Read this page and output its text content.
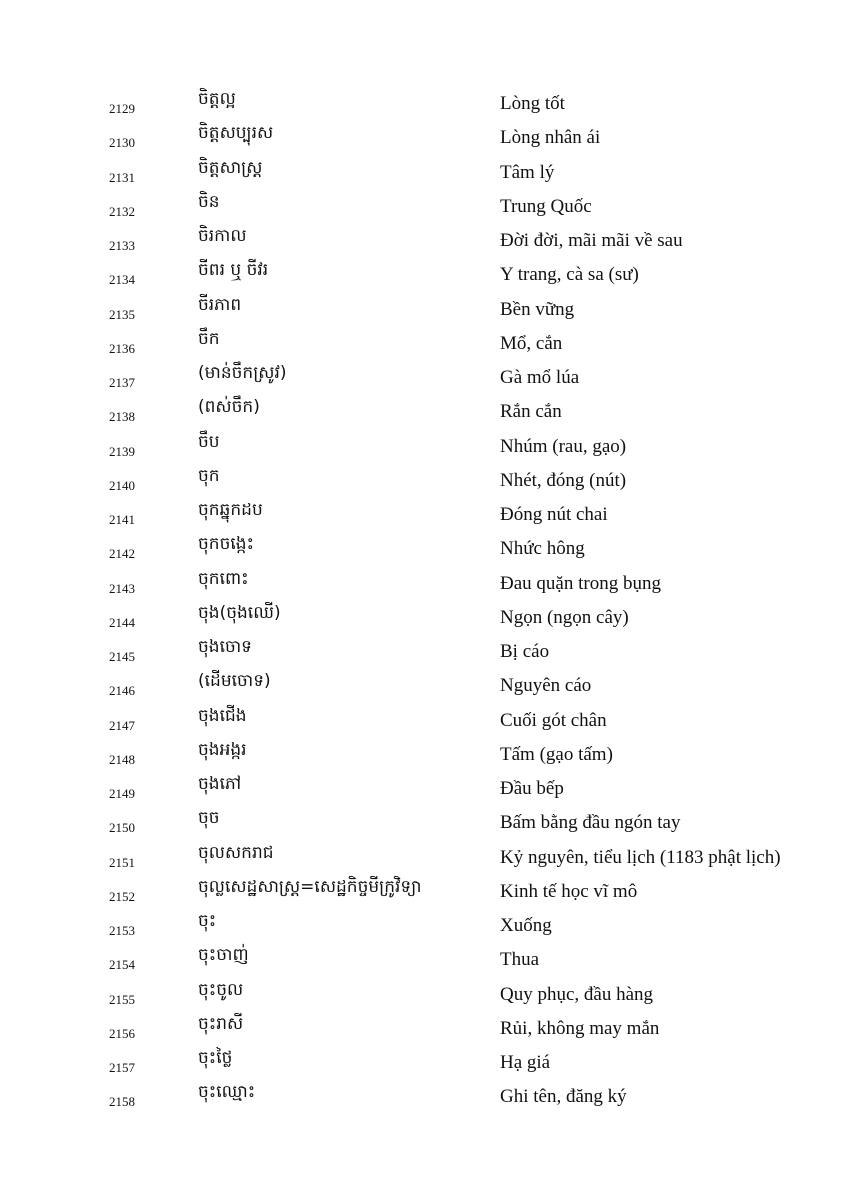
2129	ចិត្តល្អ	Lòng tốt
2130	ចិត្តសប្បុរស	Lòng nhân ái
2131	ចិត្តសាស្ត្រ	Tâm lý
2132	ចិន	Trung Quốc
2133	ចិរកាល	Đời đời, mãi mãi về sau
2134	ចីពរ ឬ ចីវរ	Y trang, cà sa (sư)
2135	ចីរភាព	Bền vững
2136	ចឹក	Mổ, cắn
2137	(មាន់ចឹកស្រូវ)	Gà mổ lúa
2138	(ពស់ចឹក)	Rắn cắn
2139	ចឹប	Nhúm (rau, gạo)
2140	ចុក	Nhét, đóng (nút)
2141	ចុកឆ្នុកដប	Đóng nút chai
2142	ចុកចង្កេះ	Nhức hông
2143	ចុកពោះ	Đau quặn trong bụng
2144	ចុង(ចុងឈើ)	Ngọn (ngọn cây)
2145	ចុងចោទ	Bị cáo
2146	(ដើមចោទ)	Nguyên cáo
2147	ចុងជើង	Cuối gót chân
2148	ចុងអង្ករ	Tấm (gạo tấm)
2149	ចុងភៅ	Đầu bếp
2150	ចុច	Bấm bằng đầu ngón tay
2151	ចុលសករាជ	Kỷ nguyên, tiểu lịch (1183 phật lịch)
2152	ចុល្លសេដ្ឋសាស្ត្រ=សេដ្ឋកិច្ចមីក្រូវិទ្យា	Kinh tế học vĩ mô
2153	ចុះ	Xuống
2154	ចុះចាញ់	Thua
2155	ចុះចូល	Quy phục, đầu hàng
2156	ចុះរាសី	Rủi, không may mắn
2157	ចុះថ្លៃ	Hạ giá
2158	ចុះឈ្មោះ	Ghi tên, đăng ký
